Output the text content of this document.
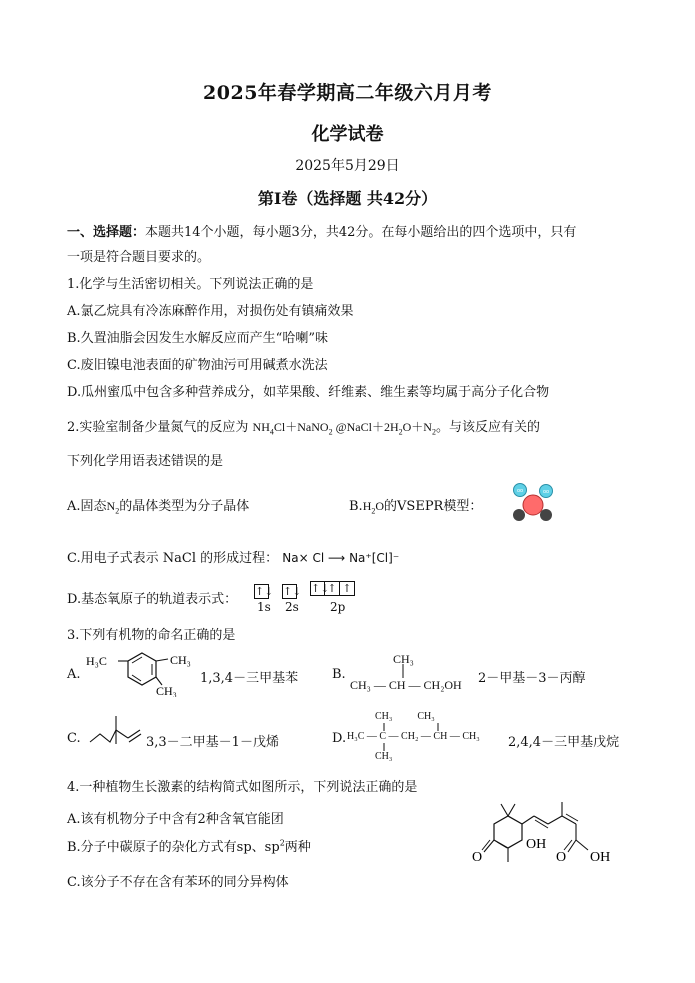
2025年春学期高二年级六月月考
化学试卷
2025年5月29日
第Ⅰ卷（选择题 共42分）
一、选择题：本题共14个小题，每小题3分，共42分。在每小题给出的四个选项中，只有
一项是符合题目要求的。
1.化学与生活密切相关。下列说法正确的是
A.氯乙烷具有冷冻麻醉作用，对损伤处有镇痛效果
B.久置油脂会因发生水解反应而产生“哈喇”味
C.废旧镍电池表面的矿物油污可用碱煮水洗法
D.瓜州蜜瓜中包含多种营养成分，如苹果酸、纤维素、维生素等均属于高分子化合物
2.实验室制备少量氮气的反应为 $NH_4Cl+NaNO_2$ $@NaCl+2H_2O+N_2$。与该反应有关的
下列化学用语表述错误的是
A.固态$N_2$的晶体类型为分子晶体	$B.H_2O$的VSEPR模型：
oo	oo
C.用电子式表示 NaCl 的形成过程： Na× Cl ⟶ Na⁺[Cl]⁻
D.基态氧原子的轨道表示式：
↑↓ ↑↓ ↑↓
↑ ↑
1s 2s	2p
3.下列有机物的命名正确的是
A.
H₃C	CH₃
CH₃
1,3,4－三甲基苯	B.
CH₃
CH₃ — CH — CH₂OH 2－甲基－3－丙醇
C.	3,3－二甲基－1－戊烯	D.
CH₃          CH₃
H₃C — C — CH₂ — CH — CH₃
CH₃
2,4,4－三甲基戊烷
4.一种植物生长激素的结构简式如图所示，下列说法正确的是
A.该有机物分子中含有2种含氧官能团
B.分子中碳原子的杂化方式有sp、$sp^2$两种
C.该分子不存在含有苯环的同分异构体
O
OH
O OH
